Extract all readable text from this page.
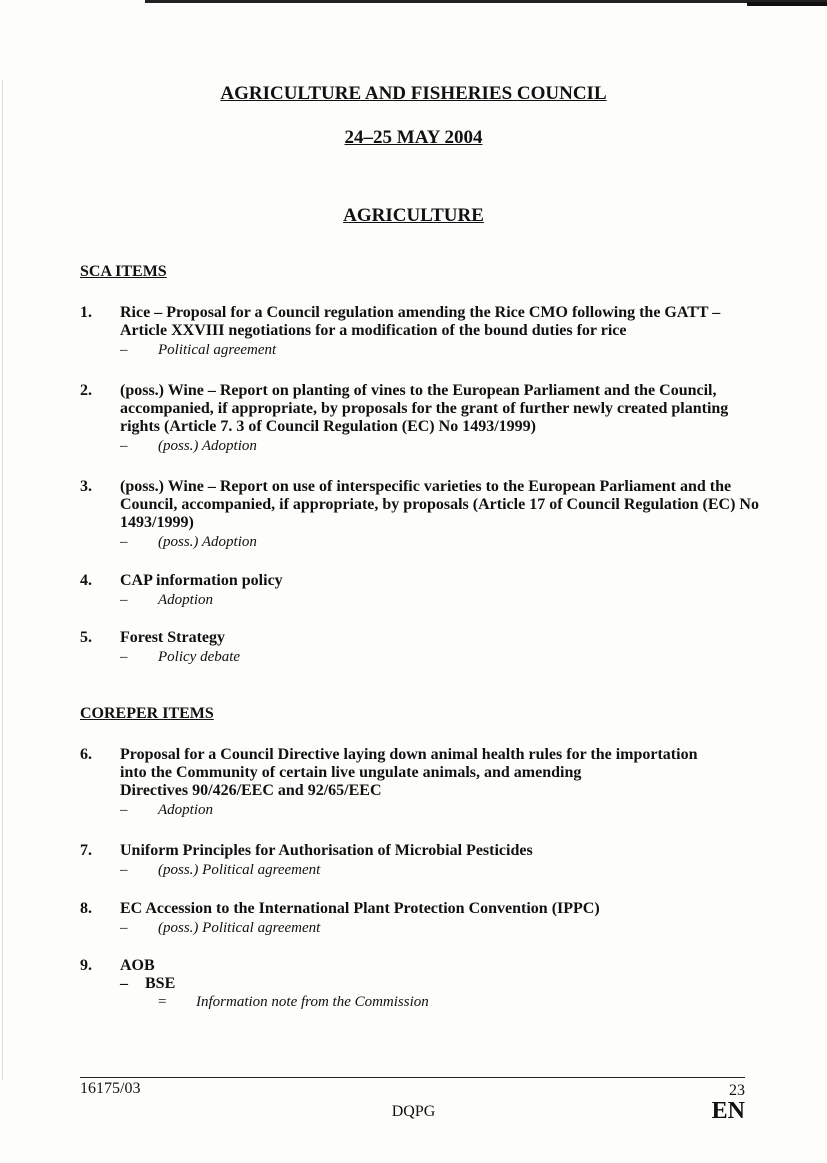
AGRICULTURE AND FISHERIES COUNCIL
24–25 MAY 2004
AGRICULTURE
SCA ITEMS
1. Rice – Proposal for a Council regulation amending the Rice CMO following the GATT – Article XXVIII negotiations for a modification of the bound duties for rice
– Political agreement
2. (poss.) Wine – Report on planting of vines to the European Parliament and the Council, accompanied, if appropriate, by proposals for the grant of further newly created planting rights (Article 7. 3 of Council Regulation (EC) No 1493/1999)
– (poss.) Adoption
3. (poss.) Wine – Report on use of interspecific varieties to the European Parliament and the Council, accompanied, if appropriate, by proposals (Article 17 of Council Regulation (EC) No 1493/1999)
– (poss.) Adoption
4. CAP information policy
– Adoption
5. Forest Strategy
– Policy debate
COREPER ITEMS
6. Proposal for a Council Directive laying down animal health rules for the importation
into the Community of certain live ungulate animals, and amending
Directives 90/426/EEC and 92/65/EEC
– Adoption
7. Uniform Principles for Authorisation of Microbial Pesticides
– (poss.) Political agreement
8. EC Accession to the International Plant Protection Convention (IPPC)
– (poss.) Political agreement
9. AOB
– BSE
= Information note from the Commission
16175/03	23
DQPG	EN
